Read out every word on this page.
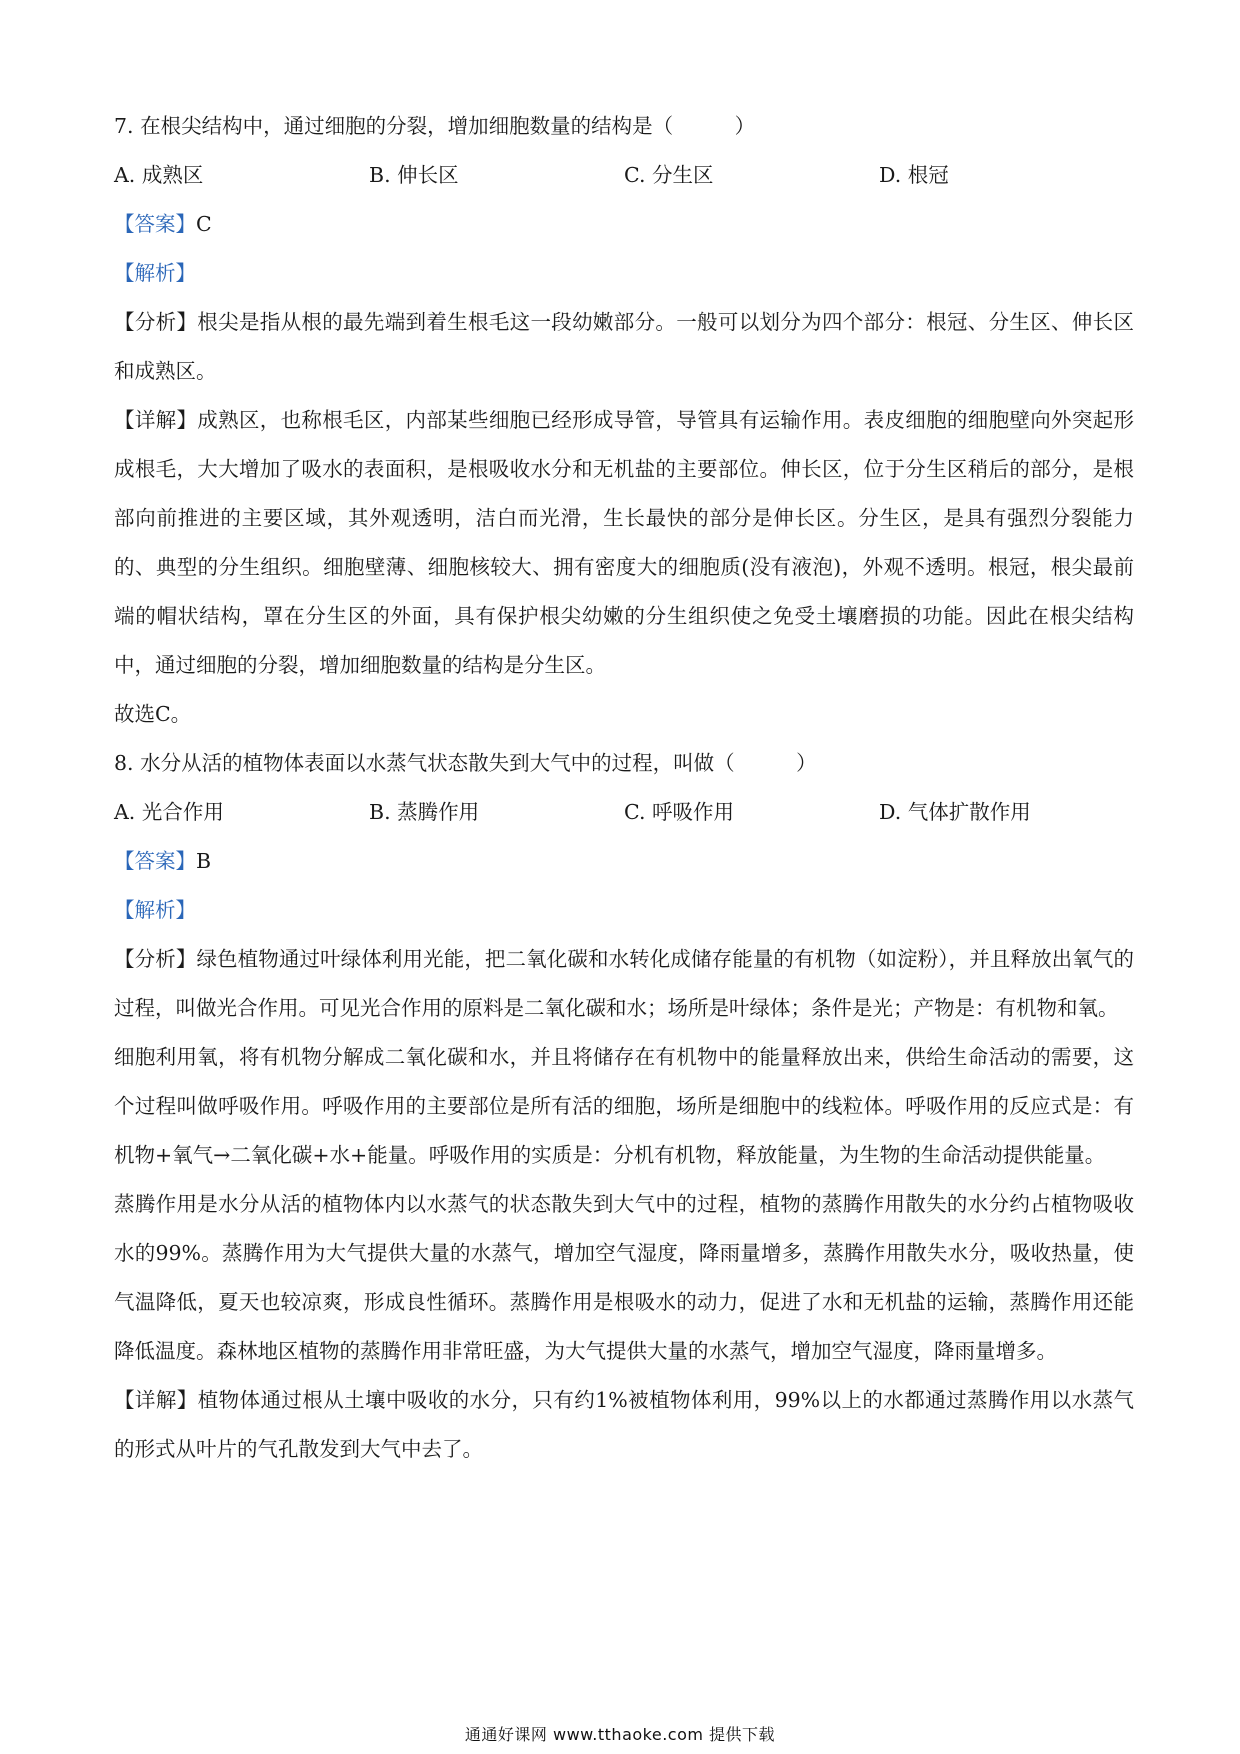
7. 在根尖结构中，通过细胞的分裂，增加细胞数量的结构是（　　　）
A. 成熟区	B. 伸长区	C. 分生区	D. 根冠
【答案】C
【解析】
【分析】根尖是指从根的最先端到着生根毛这一段幼嫩部分。一般可以划分为四个部分：根冠、分生区、伸长区和成熟区。
【详解】成熟区，也称根毛区，内部某些细胞已经形成导管，导管具有运输作用。表皮细胞的细胞壁向外突起形成根毛，大大增加了吸水的表面积，是根吸收水分和无机盐的主要部位。伸长区，位于分生区稍后的部分，是根部向前推进的主要区域，其外观透明，洁白而光滑，生长最快的部分是伸长区。分生区，是具有强烈分裂能力的、典型的分生组织。细胞壁薄、细胞核较大、拥有密度大的细胞质(没有液泡)，外观不透明。根冠，根尖最前端的帽状结构，罩在分生区的外面，具有保护根尖幼嫩的分生组织使之免受土壤磨损的功能。因此在根尖结构中，通过细胞的分裂，增加细胞数量的结构是分生区。
故选C。
8. 水分从活的植物体表面以水蒸气状态散失到大气中的过程，叫做（　　　）
A. 光合作用	B. 蒸腾作用	C. 呼吸作用	D. 气体扩散作用
【答案】B
【解析】
【分析】绿色植物通过叶绿体利用光能，把二氧化碳和水转化成储存能量的有机物（如淀粉），并且释放出氧气的过程，叫做光合作用。可见光合作用的原料是二氧化碳和水；场所是叶绿体；条件是光；产物是：有机物和氧。
细胞利用氧，将有机物分解成二氧化碳和水，并且将储存在有机物中的能量释放出来，供给生命活动的需要，这个过程叫做呼吸作用。呼吸作用的主要部位是所有活的细胞，场所是细胞中的线粒体。呼吸作用的反应式是：有机物+氧气→二氧化碳+水+能量。呼吸作用的实质是：分机有机物，释放能量，为生物的生命活动提供能量。
蒸腾作用是水分从活的植物体内以水蒸气的状态散失到大气中的过程，植物的蒸腾作用散失的水分约占植物吸收水的99%。蒸腾作用为大气提供大量的水蒸气，增加空气湿度，降雨量增多，蒸腾作用散失水分，吸收热量，使气温降低，夏天也较凉爽，形成良性循环。蒸腾作用是根吸水的动力，促进了水和无机盐的运输，蒸腾作用还能降低温度。森林地区植物的蒸腾作用非常旺盛，为大气提供大量的水蒸气，增加空气湿度，降雨量增多。
【详解】植物体通过根从土壤中吸收的水分，只有约1%被植物体利用，99%以上的水都通过蒸腾作用以水蒸气的形式从叶片的气孔散发到大气中去了。
通通好课网 www.tthaoke.com 提供下载
